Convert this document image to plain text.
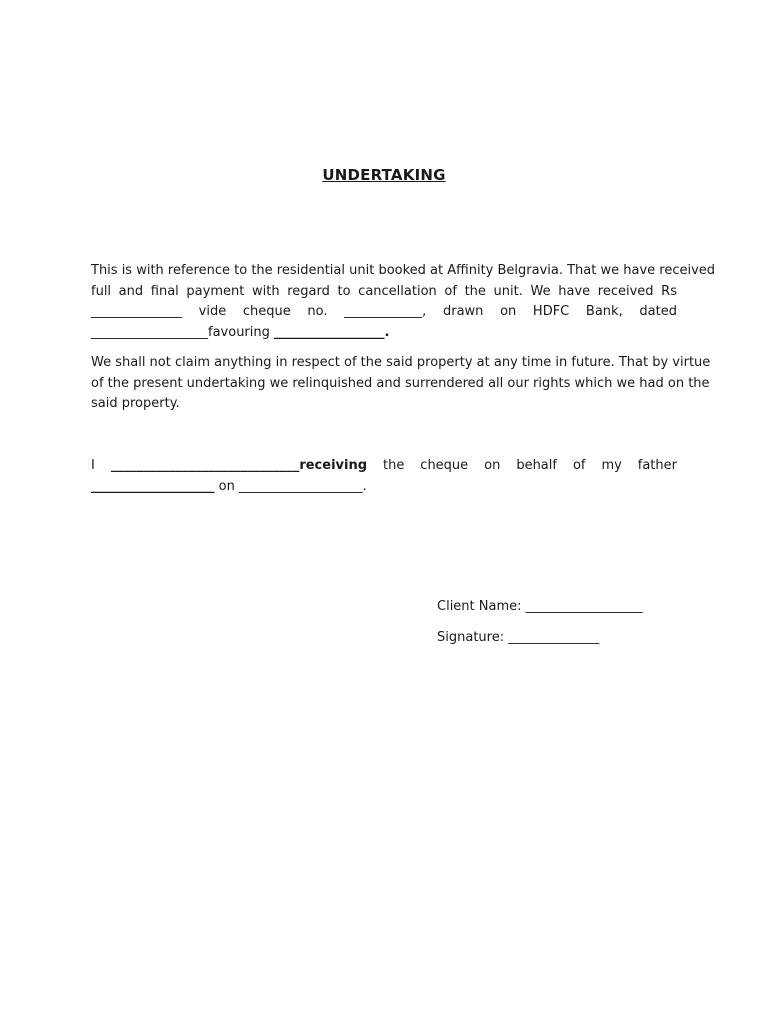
UNDERTAKING
This is with reference to the residential unit booked at Affinity Belgravia. That we have received
full and final payment with regard to cancellation of the unit. We have received Rs
______________ vide cheque no. ____________, drawn on HDFC Bank, dated
__________________favouring _________________.
We shall not claim anything in respect of the said property at any time in future. That by virtue
of the present undertaking we relinquished and surrendered all our rights which we had on the
said property.
I _____________________________receiving the cheque on behalf of my father
___________________ on ___________________.
Client Name: __________________
Signature: ______________
